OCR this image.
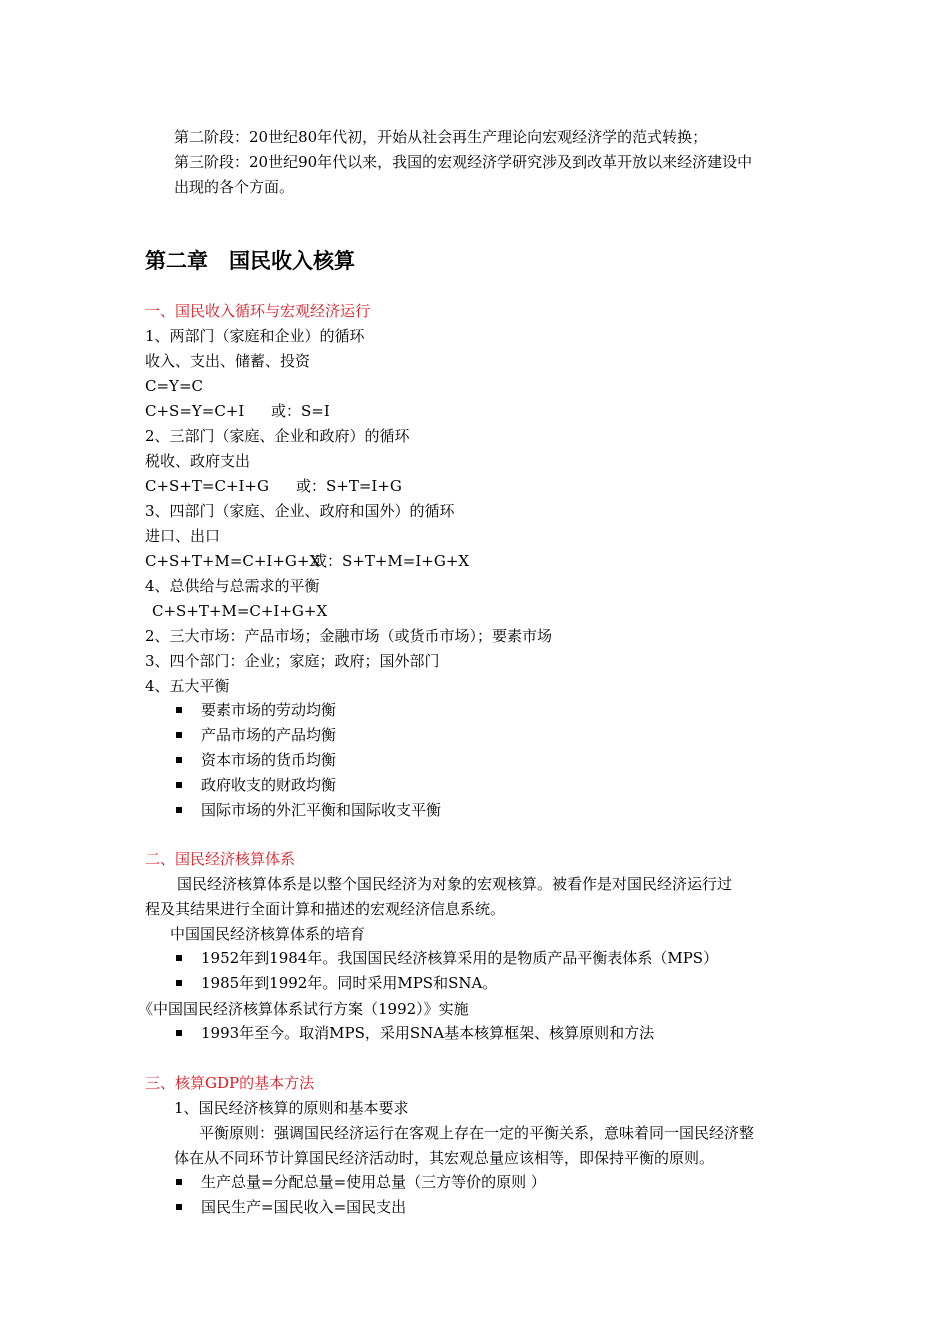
第二阶段：20世纪80年代初，开始从社会再生产理论向宏观经济学的范式转换；
第三阶段：20世纪90年代以来，我国的宏观经济学研究涉及到改革开放以来经济建设中
出现的各个方面。
第二章　国民收入核算
一、国民收入循环与宏观经济运行
1、两部门（家庭和企业）的循环
收入、支出、储蓄、投资
C=Y=C
C+S=Y=C+I 或：S=I
2、三部门（家庭、企业和政府）的循环
税收、政府支出
C+S+T=C+I+G 或：S+T=I+G
3、四部门（家庭、企业、政府和国外）的循环
进口、出口
C+S+T+M=C+I+G+X
或：S+T+M=I+G+X
4、总供给与总需求的平衡
C+S+T+M=C+I+G+X
2、三大市场：产品市场；金融市场（或货币市场）；要素市场
3、四个部门：企业；家庭；政府；国外部门
4、五大平衡
要素市场的劳动均衡
产品市场的产品均衡
资本市场的货币均衡
政府收支的财政均衡
国际市场的外汇平衡和国际收支平衡
二、国民经济核算体系
国民经济核算体系是以整个国民经济为对象的宏观核算。被看作是对国民经济运行过
程及其结果进行全面计算和描述的宏观经济信息系统。
中国国民经济核算体系的培育
1952年到1984年。我国国民经济核算采用的是物质产品平衡表体系（MPS）
1985年到1992年。同时采用MPS和SNA。
《中国国民经济核算体系试行方案（1992）》实施
1993年至今。取消MPS，采用SNA基本核算框架、核算原则和方法
三、核算GDP的基本方法
1、国民经济核算的原则和基本要求
平衡原则：强调国民经济运行在客观上存在一定的平衡关系，意味着同一国民经济整
体在从不同环节计算国民经济活动时，其宏观总量应该相等，即保持平衡的原则。
生产总量=分配总量=使用总量（三方等价的原则 ）
国民生产=国民收入=国民支出
